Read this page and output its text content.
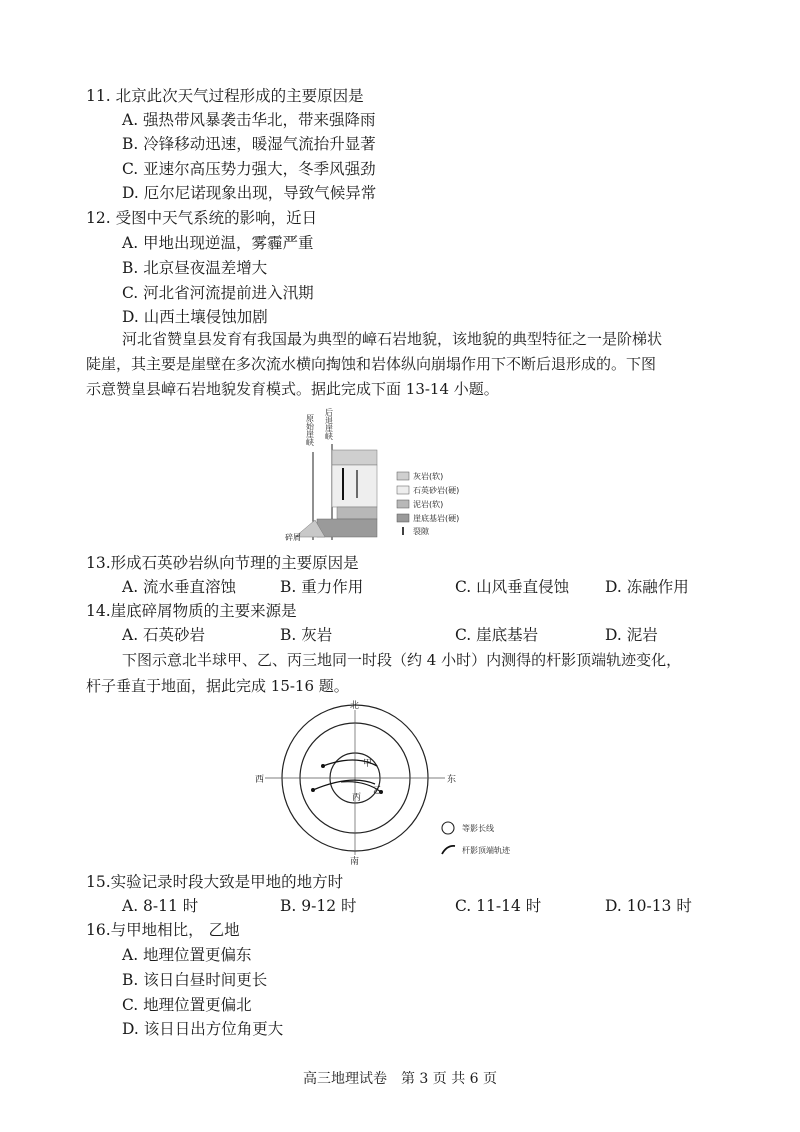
11. 北京此次天气过程形成的主要原因是
A. 强热带风暴袭击华北，带来强降雨
B. 冷锋移动迅速，暖湿气流抬升显著
C. 亚速尔高压势力强大，冬季风强劲
D. 厄尔尼诺现象出现，导致气候异常
12. 受图中天气系统的影响，近日
A. 甲地出现逆温，雾霾严重
B. 北京昼夜温差增大
C. 河北省河流提前进入汛期
D. 山西土壤侵蚀加剧
河北省赞皇县发育有我国最为典型的嶂石岩地貌，该地貌的典型特征之一是阶梯状
陡崖，其主要是崖壁在多次流水横向掏蚀和岩体纵向崩塌作用下不断后退形成的。下图
示意赞皇县嶂石岩地貌发育模式。据此完成下面 13-14 小题。
原始崖峡 后退崖峡
碎屑
灰岩(软)
石英砂岩(硬)
泥岩(软)
崖底基岩(硬)
裂隙
13.形成石英砂岩纵向节理的主要原因是
A. 流水垂直溶蚀	B. 重力作用	C. 山风垂直侵蚀 D. 冻融作用
14.崖底碎屑物质的主要来源是
A. 石英砂岩	B. 灰岩	C. 崖底基岩	D. 泥岩
下图示意北半球甲、乙、丙三地同一时段（约 4 小时）内测得的杆影顶端轨迹变化，
杆子垂直于地面，据此完成 15-16 题。
北
南
西	东
甲
乙
丙
等影长线
杆影顶端轨迹
15.实验记录时段大致是甲地的地方时
A. 8-11 时	B. 9-12 时	C. 11-14 时	D. 10-13 时
16.与甲地相比， 乙地
A. 地理位置更偏东
B. 该日白昼时间更长
C. 地理位置更偏北
D. 该日日出方位角更大
高三地理试卷　第 3 页 共 6 页
